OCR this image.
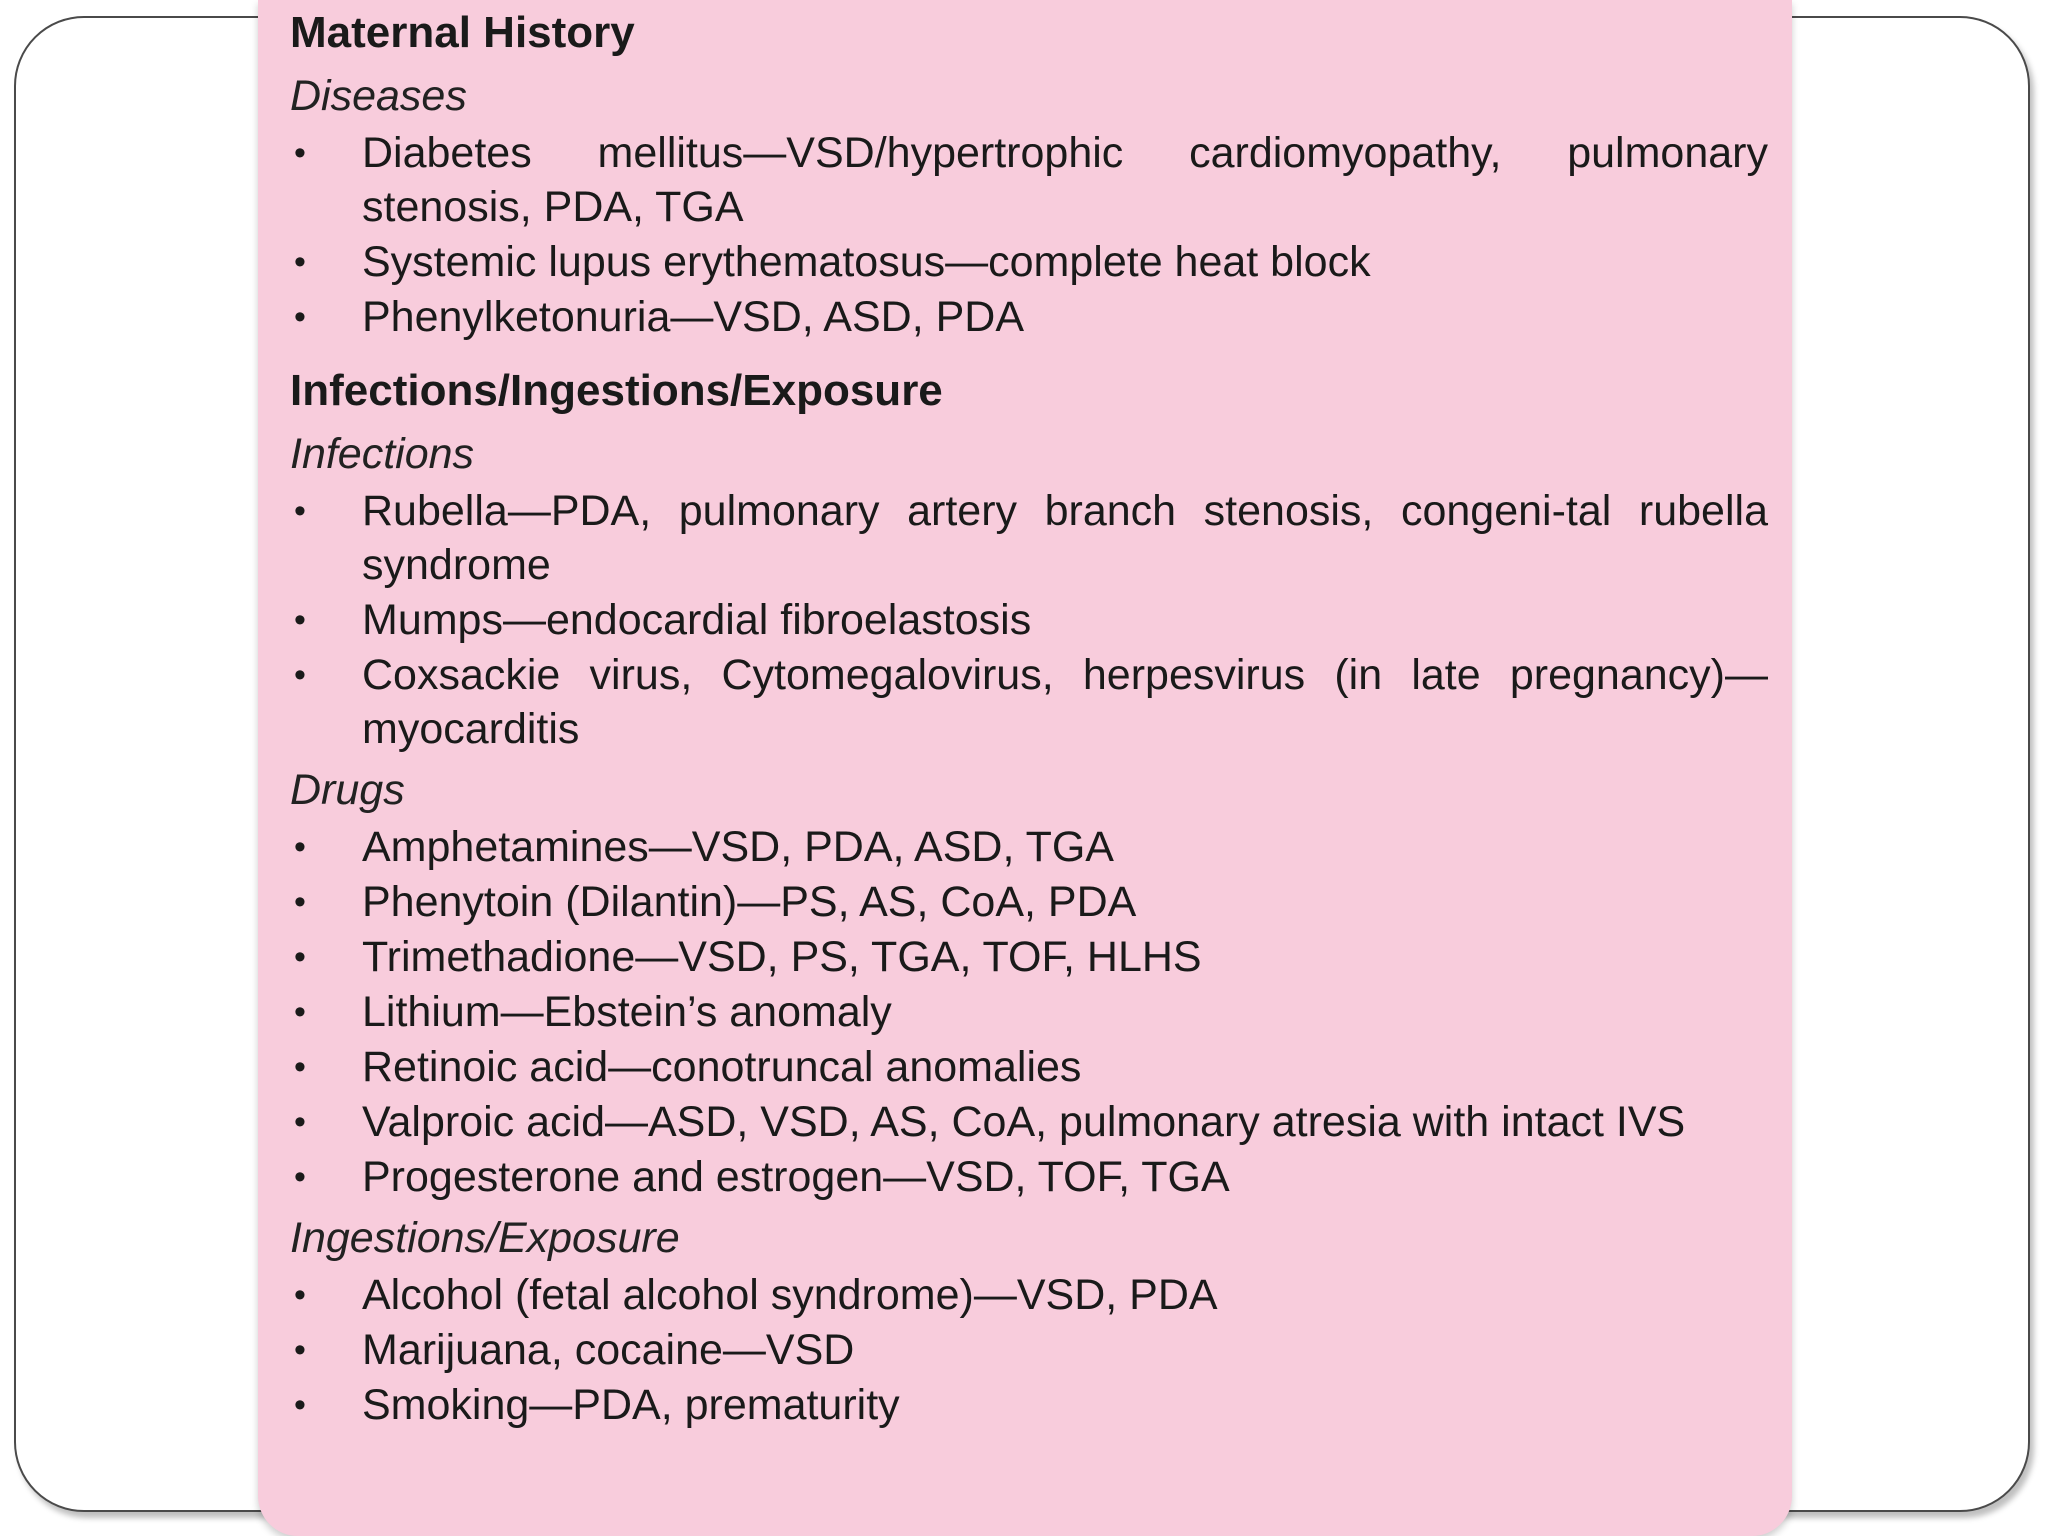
Maternal History
Diseases
• Diabetes mellitus—VSD/hypertrophic cardiomyopathy, pulmonary stenosis, PDA, TGA
• Systemic lupus erythematosus—complete heat block
• Phenylketonuria—VSD, ASD, PDA
Infections/Ingestions/Exposure
Infections
• Rubella—PDA, pulmonary artery branch stenosis, congeni-tal rubella syndrome
• Mumps—endocardial fibroelastosis
• Coxsackie virus, Cytomegalovirus, herpesvirus (in late pregnancy)—myocarditis
Drugs
• Amphetamines—VSD, PDA, ASD, TGA
• Phenytoin (Dilantin)—PS, AS, CoA, PDA
• Trimethadione—VSD, PS, TGA, TOF, HLHS
• Lithium—Ebstein’s anomaly
• Retinoic acid—conotruncal anomalies
• Valproic acid—ASD, VSD, AS, CoA, pulmonary atresia with intact IVS
• Progesterone and estrogen—VSD, TOF, TGA
Ingestions/Exposure
• Alcohol (fetal alcohol syndrome)—VSD, PDA
• Marijuana, cocaine—VSD
• Smoking—PDA, prematurity
